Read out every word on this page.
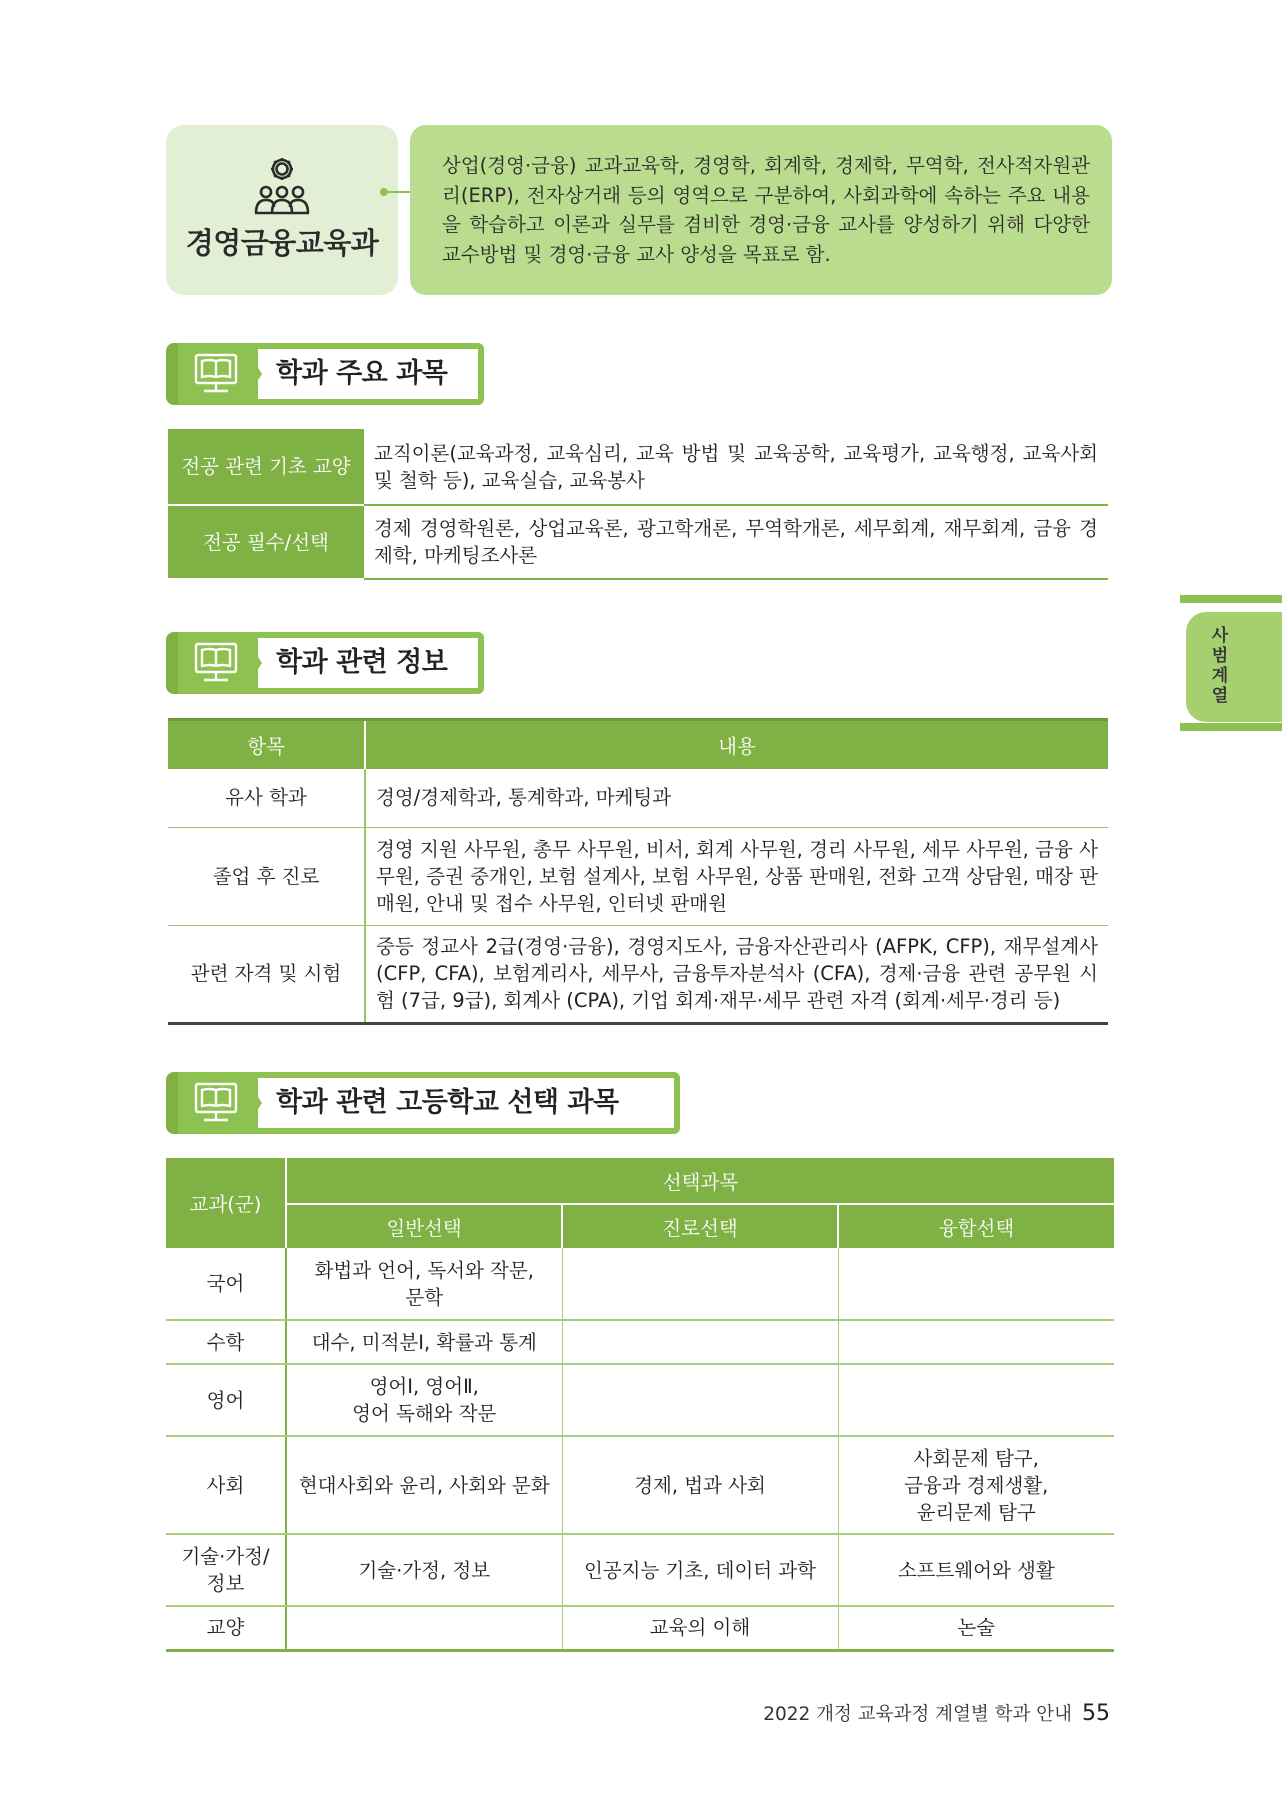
경영금융교육과
상업(경영·금융) 교과교육학, 경영학, 회계학, 경제학, 무역학, 전사적자원관리(ERP), 전자상거래 등의 영역으로 구분하여, 사회과학에 속하는 주요 내용을 학습하고 이론과 실무를 겸비한 경영·금융 교사를 양성하기 위해 다양한 교수방법 및 경영·금융 교사 양성을 목표로 함.
학과 주요 과목
전공 관련 기초 교양	교직이론(교육과정, 교육심리, 교육 방법 및 교육공학, 교육평가, 교육행정, 교육사회 및 철학 등), 교육실습, 교육봉사
전공 필수/선택	경제 경영학원론, 상업교육론, 광고학개론, 무역학개론, 세무회계, 재무회계, 금융 경제학, 마케팅조사론
학과 관련 정보
항목	내용
유사 학과	경영/경제학과, 통계학과, 마케팅과
졸업 후 진로	경영 지원 사무원, 총무 사무원, 비서, 회계 사무원, 경리 사무원, 세무 사무원, 금융 사무원, 증권 중개인, 보험 설계사, 보험 사무원, 상품 판매원, 전화 고객 상담원, 매장 판매원, 안내 및 접수 사무원, 인터넷 판매원
관련 자격 및 시험	중등 정교사 2급(경영·금융), 경영지도사, 금융자산관리사 (AFPK, CFP), 재무설계사(CFP, CFA), 보험계리사, 세무사, 금융투자분석사 (CFA), 경제·금융 관련 공무원 시험 (7급, 9급), 회계사 (CPA), 기업 회계·재무·세무 관련 자격 (회계·세무·경리 등)
학과 관련 고등학교 선택 과목
교과(군)	선택과목		
	일반선택	진로선택	융합선택
국어	화법과 언어, 독서와 작문,
문학		
수학	대수, 미적분Ⅰ, 확률과 통계		
영어	영어Ⅰ, 영어Ⅱ,
영어 독해와 작문		
사회	현대사회와 윤리, 사회와 문화	경제, 법과 사회	사회문제 탐구,
금융과 경제생활,
윤리문제 탐구
기술·가정/
정보	기술·가정, 정보	인공지능 기초, 데이터 과학	소프트웨어와 생활
교양		교육의 이해	논술
사
범
계
열
2022 개정 교육과정 계열별 학과 안내 55
